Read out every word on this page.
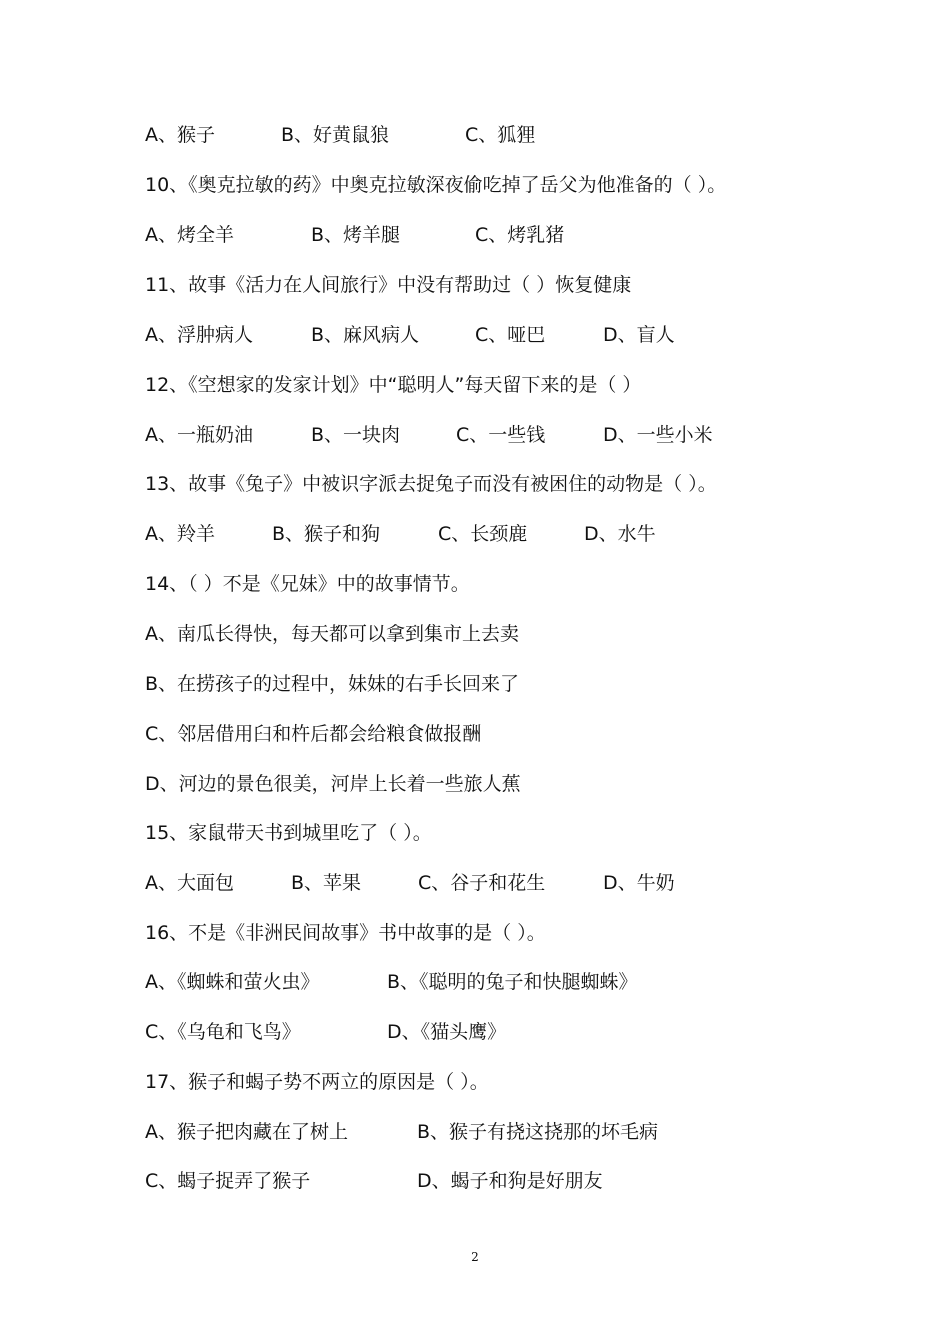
A、猴子	B、好黄鼠狼	C、狐狸
10、《奥克拉敏的药》中奥克拉敏深夜偷吃掉了岳父为他准备的（ ）。
A、烤全羊	B、烤羊腿	C、烤乳猪
11、故事《活力在人间旅行》中没有帮助过（ ）恢复健康
A、浮肿病人	B、麻风病人	C、哑巴	D、盲人
12、《空想家的发家计划》中“聪明人”每天留下来的是（ ）
A、一瓶奶油	B、一块肉	C、一些钱	D、一些小米
13、故事《兔子》中被识字派去捉兔子而没有被困住的动物是（ ）。
A、羚羊	B、猴子和狗	C、长颈鹿	D、水牛
14、（ ）不是《兄妹》中的故事情节。
A、南瓜长得快，每天都可以拿到集市上去卖
B、在捞孩子的过程中，妹妹的右手长回来了
C、邻居借用臼和杵后都会给粮食做报酬
D、河边的景色很美，河岸上长着一些旅人蕉
15、家鼠带天书到城里吃了（ ）。
A、大面包	B、苹果	C、谷子和花生	D、牛奶
16、不是《非洲民间故事》书中故事的是（ ）。
A、《蜘蛛和萤火虫》	B、《聪明的兔子和快腿蜘蛛》
C、《乌龟和飞鸟》	D、《猫头鹰》
17、猴子和蝎子势不两立的原因是（ ）。
A、猴子把肉藏在了树上	B、猴子有挠这挠那的坏毛病
C、蝎子捉弄了猴子	D、蝎子和狗是好朋友
2
